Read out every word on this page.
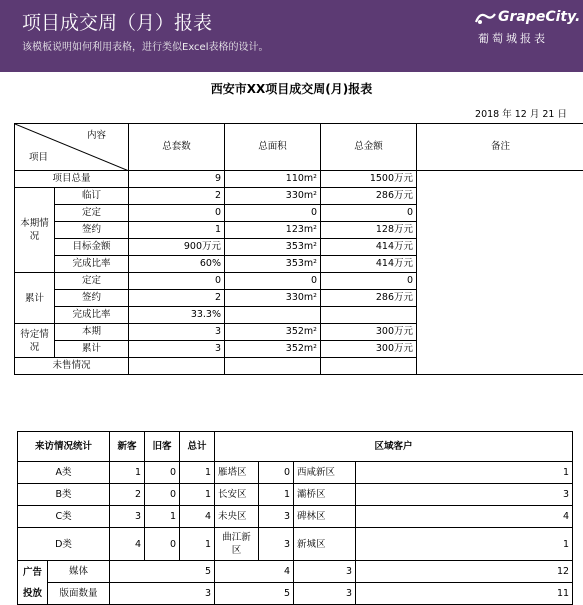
项目成交周（月）报表
该模板说明如何利用表格，进行类似Excel表格的设计。
GrapeCity.
葡萄城报表
西安市XX项目成交周(月)报表
2018 年 12 月 21 日
内容
项目		总套数	总面积	总金额	备注
项目总量		9	110m²	1500万元	
本期情况	临订	2	330m²	286万元	
	定定	0	0	0	
	签约	1	123m²	128万元	
	目标金额	900万元	353m²	414万元	
	完成比率	60%	353m²	414万元	
累计	定定	0	0	0	
	签约	2	330m²	286万元	
	完成比率	33.3%			
待定情况	本期	3	352m²	300万元	
	累计	3	352m²	300万元	
未售情况					
来访情况统计		新客	旧客	总计	区域客户			
A类		1	0	1	雁塔区	0	西咸新区	1
B类		2	0	1	长安区	1	灞桥区	3
C类		3	1	4	未央区	3	碑林区	4
D类		4	0	1	曲江新区	3	新城区	1
广告投放	媒体	5			4		3	12
	版面数量	3			5		3	11
